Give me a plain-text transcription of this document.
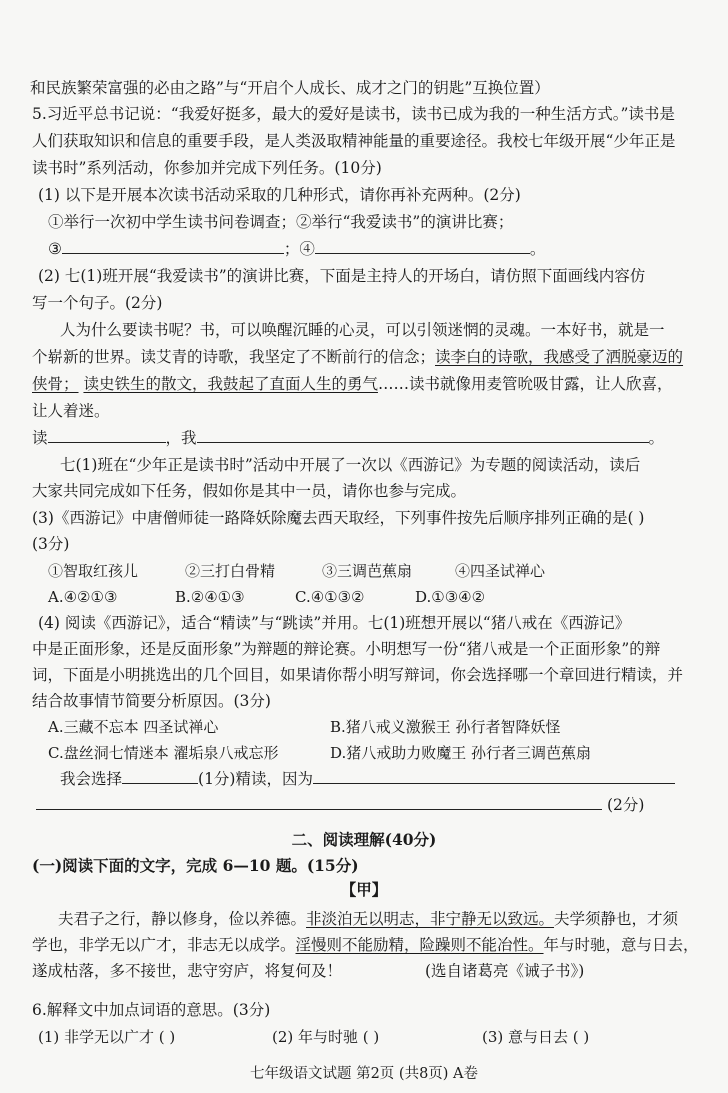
和民族繁荣富强的必由之路”与“开启个人成长、成才之门的钥匙”互换位置）
5.习近平总书记说：“我爱好挺多，最大的爱好是读书，读书已成为我的一种生活方式。”读书是
人们获取知识和信息的重要手段，是人类汲取精神能量的重要途径。我校七年级开展“少年正是
读书时”系列活动，你参加并完成下列任务。(10分)
(1) 以下是开展本次读书活动采取的几种形式，请你再补充两种。(2分)
①举行一次初中学生读书问卷调查；②举行“我爱读书”的演讲比赛；
③	；④	。
(2) 七(1)班开展“我爱读书”的演讲比赛，下面是主持人的开场白，请仿照下面画线内容仿
写一个句子。(2分)
人为什么要读书呢？书，可以唤醒沉睡的心灵，可以引领迷惘的灵魂。一本好书，就是一
个崭新的世界。读艾青的诗歌，我坚定了不断前行的信念；读李白的诗歌，我感受了洒脱豪迈的
侠骨； 读史铁生的散文，我鼓起了直面人生的勇气……读书就像用麦管吮吸甘露，让人欣喜，
让人着迷。
读	，我	。
七(1)班在“少年正是读书时”活动中开展了一次以《西游记》为专题的阅读活动，读后
大家共同完成如下任务，假如你是其中一员，请你也参与完成。
(3)《西游记》中唐僧师徒一路降妖除魔去西天取经，下列事件按先后顺序排列正确的是( )
(3分)
①智取红孩儿	②三打白骨精	③三调芭蕉扇	④四圣试禅心
A.④②①③	B.②④①③	C.④①③②	D.①③④②
(4) 阅读《西游记》，适合“精读”与“跳读”并用。七(1)班想开展以“猪八戒在《西游记》
中是正面形象，还是反面形象”为辩题的辩论赛。小明想写一份“猪八戒是一个正面形象”的辩
词，下面是小明挑选出的几个回目，如果请你帮小明写辩词，你会选择哪一个章回进行精读，并
结合故事情节简要分析原因。(3分)
A.三藏不忘本 四圣试禅心	B.猪八戒义激猴王 孙行者智降妖怪
C.盘丝洞七情迷本 濯垢泉八戒忘形	D.猪八戒助力败魔王 孙行者三调芭蕉扇
我会选择	(1分)精读，因为
(2分)
二、阅读理解(40分)
(一)阅读下面的文字，完成 6—10 题。(15分)
【甲】
夫君子之行，静以修身，俭以养德。非淡泊无以明志，非宁静无以致远。夫学须静也，才须
学也，非学无以广才，非志无以成学。淫慢则不能励精，险躁则不能冶性。年与时驰，意与日去，
遂成枯落，多不接世，悲守穷庐，将复何及！	(选自诸葛亮《诫子书》)
6.解释文中加点词语的意思。(3分)
(1) 非学无以广才 ( )	(2) 年与时驰 ( )	(3) 意与日去 ( )
七年级语文试题 第2页 (共8页) A卷
